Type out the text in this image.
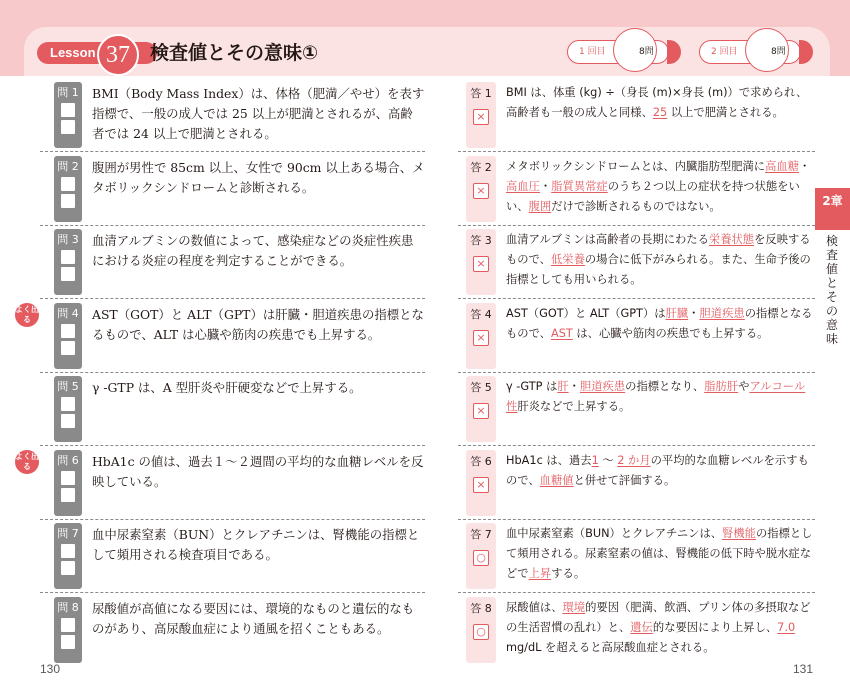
Lesson 37	検査値とその意味①	1 回目	8問	2 回目	8問
問 1 BMI（Body Mass Index）は、体格（肥満／やせ）を表す指標で、一般の成人では 25 以上が肥満とされるが、高齢者では 24 以上で肥満とされる。
問 2 腹囲が男性で 85cm 以上、女性で 90cm 以上ある場合、メタボリックシンドロームと診断される。
問 3 血清アルブミンの数値によって、感染症などの炎症性疾患における炎症の程度を判定することができる。
よく出る	問 4 AST（GOT）と ALT（GPT）は肝臓・胆道疾患の指標となるもので、ALT は心臓や筋肉の疾患でも上昇する。
問 5 γ -GTP は、A 型肝炎や肝硬変などで上昇する。
よく出る	問 6 HbA1c の値は、過去１～２週間の平均的な血糖レベルを反映している。
問 7 血中尿素窒素（BUN）とクレアチニンは、腎機能の指標として頻用される検査項目である。
問 8 尿酸値が高値になる要因には、環境的なものと遺伝的なものがあり、高尿酸血症により通風を招くこともある。
答 1
×
BMI は、体重 (kg) ÷（身長 (m)×身長 (m)）で求められ、高齢者も一般の成人と同様、25 以上で肥満とされる。
答 2
×
メタボリックシンドロームとは、内臓脂肪型肥満に高血糖・高血圧・脂質異常症のうち２つ以上の症状を持つ状態をいい、腹囲だけで診断されるものではない。
答 3
×
血清アルブミンは高齢者の長期にわたる栄養状態を反映するもので、低栄養の場合に低下がみられる。また、生命予後の指標としても用いられる。
答 4
×
AST（GOT）と ALT（GPT）は肝臓・胆道疾患の指標となるもので、AST は、心臓や筋肉の疾患でも上昇する。
答 5
×
γ -GTP は肝・胆道疾患の指標となり、脂肪肝やアルコール性肝炎などで上昇する。
答 6
×
HbA1c は、過去1 ～ 2 か月の平均的な血糖レベルを示すもので、血糖値と併せて評価する。
答 7
○
血中尿素窒素（BUN）とクレアチニンは、腎機能の指標として頻用される。尿素窒素の値は、腎機能の低下時や脱水症などで上昇する。
答 8
○
尿酸値は、環境的要因（肥満、飲酒、プリン体の多摂取などの生活習慣の乱れ）と、遺伝的な要因により上昇し、7.0 mg/dL を超えると高尿酸血症とされる。
2章
検査値とその意味
130	131
